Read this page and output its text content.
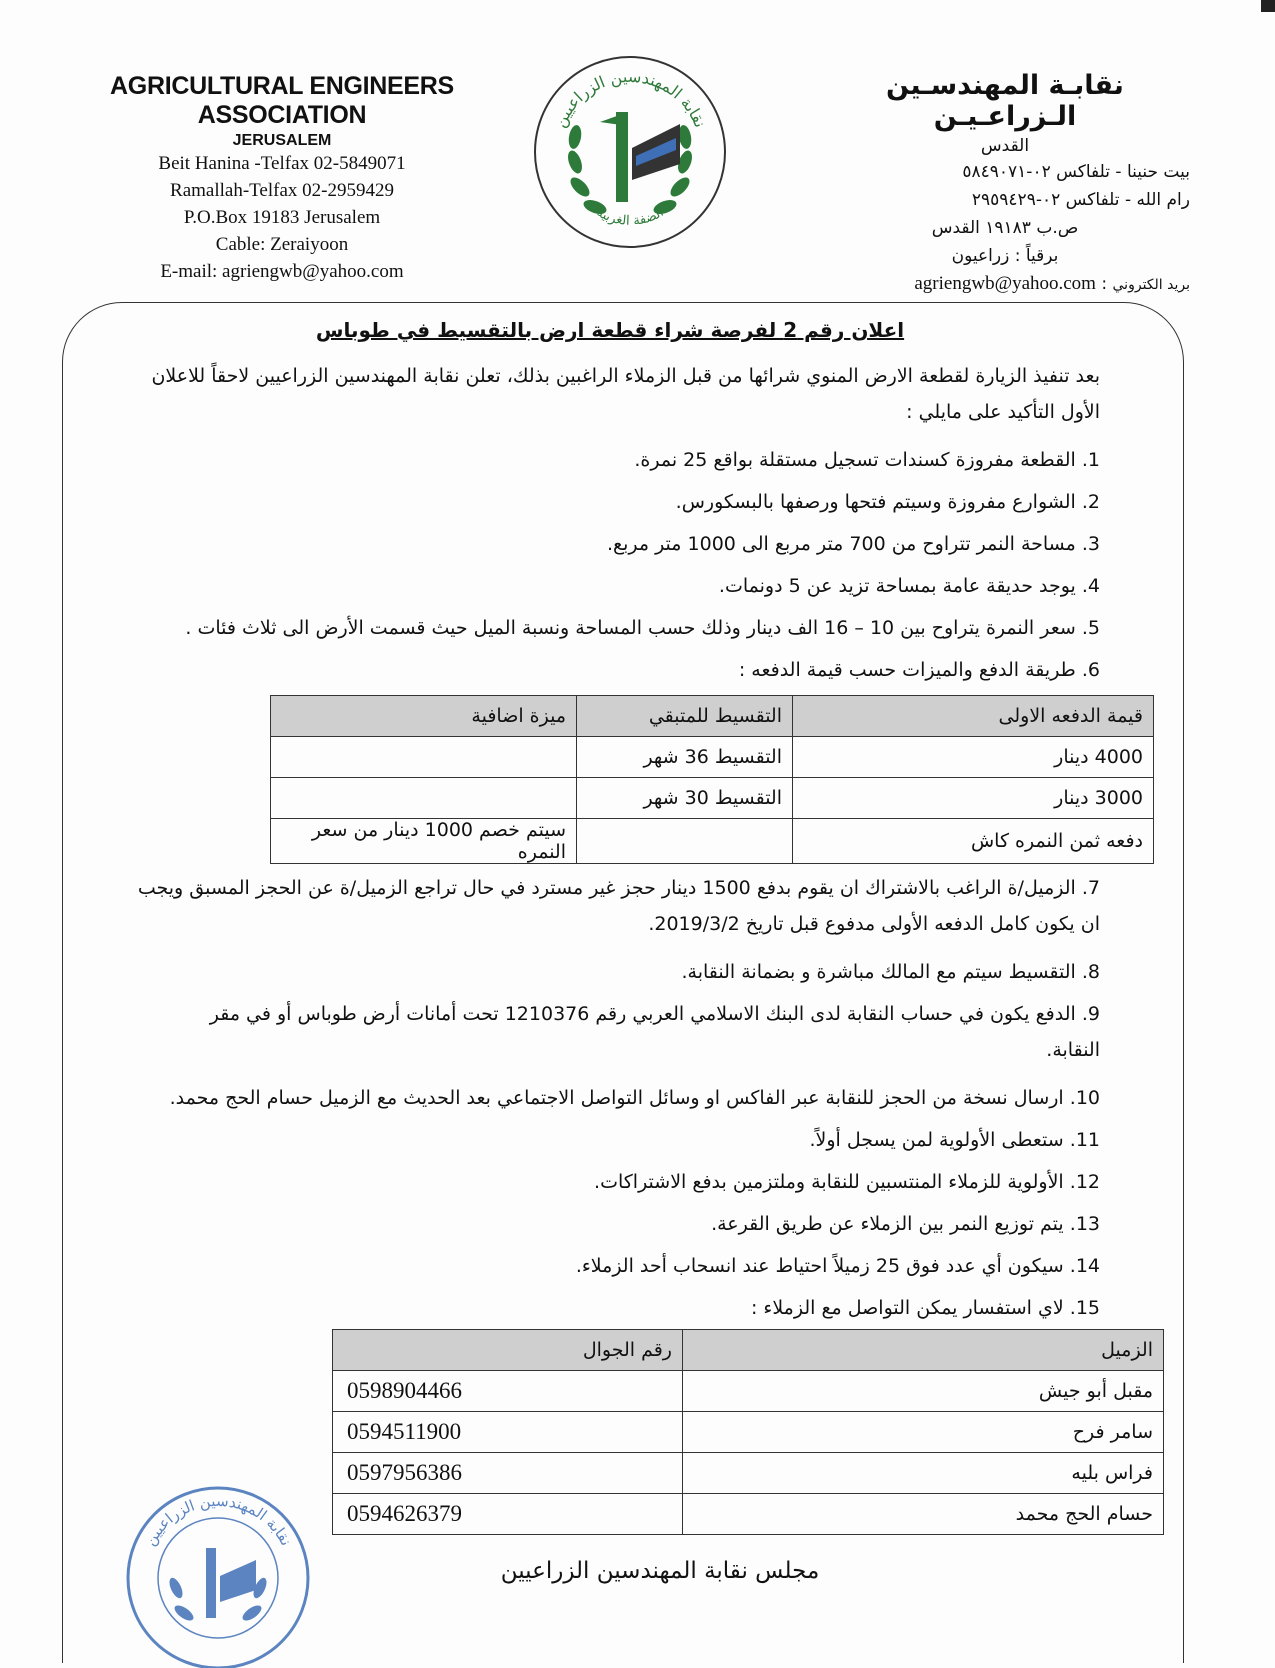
AGRICULTURAL ENGINEERS ASSOCIATION
JERUSALEM
Beit Hanina -Telfax 02-5849071
Ramallah-Telfax 02-2959429
P.O.Box 19183 Jerusalem
Cable: Zeraiyoon
E-mail: agriengwb@yahoo.com
نقابة المهندسين الزراعيين
الضفة الغربية
نقابـة المهندسـين الـزراعـيـن
القدس
بيت حنينا - تلفاكس ٠٢-٥٨٤٩٠٧١
رام الله - تلفاكس ٠٢-٢٩٥٩٤٢٩
ص.ب ١٩١٨٣ القدس
برقياً : زراعيون
agriengwb@yahoo.com : بريد الكتروني
اعلان رقم 2 لفرصة شراء قطعة ارض بالتقسيط في طوباس
بعد تنفيذ الزيارة لقطعة الارض المنوي شرائها من قبل الزملاء الراغبين بذلك، تعلن نقابة المهندسين الزراعيين لاحقاً للاعلان الأول التأكيد على مايلي :
1. القطعة مفروزة كسندات تسجيل مستقلة بواقع 25 نمرة.
2. الشوارع مفروزة وسيتم فتحها ورصفها بالبسكورس.
3. مساحة النمر تتراوح من 700 متر مربع الى 1000 متر مربع.
4. يوجد حديقة عامة بمساحة تزيد عن 5 دونمات.
5. سعر النمرة يتراوح بين 10 – 16 الف دينار وذلك حسب المساحة ونسبة الميل حيث قسمت الأرض الى ثلاث فئات .
6. طريقة الدفع والميزات حسب قيمة الدفعه :
قيمة الدفعه الاولى	التقسيط للمتبقي	ميزة اضافية
4000 دينار	التقسيط 36 شهر	
3000 دينار	التقسيط 30 شهر	
دفعه ثمن النمره كاش		سيتم خصم 1000 دينار من سعر النمره
7. الزميل/ة الراغب بالاشتراك ان يقوم بدفع 1500 دينار حجز غير مسترد في حال تراجع الزميل/ة عن الحجز المسبق ويجب ان يكون كامل الدفعه الأولى مدفوع قبل تاريخ 2019/3/2.
8. التقسيط سيتم مع المالك مباشرة و بضمانة النقابة.
9. الدفع يكون في حساب النقابة لدى البنك الاسلامي العربي رقم 1210376 تحت أمانات أرض طوباس أو في مقر النقابة.
10. ارسال نسخة من الحجز للنقابة عبر الفاكس او وسائل التواصل الاجتماعي بعد الحديث مع الزميل حسام الحج محمد.
11. ستعطى الأولوية لمن يسجل أولاً.
12. الأولوية للزملاء المنتسبين للنقابة وملتزمين بدفع الاشتراكات.
13. يتم توزيع النمر بين الزملاء عن طريق القرعة.
14. سيكون أي عدد فوق 25 زميلاً احتياط عند انسحاب أحد الزملاء.
15. لاي استفسار يمكن التواصل مع الزملاء :
الزميل	رقم الجوال
مقبل أبو جيش	0598904466
سامر فرح	0594511900
فراس بليه	0597956386
حسام الحج محمد	0594626379
نقابة المهندسين الزراعيين
مجلس نقابة المهندسين الزراعيين
